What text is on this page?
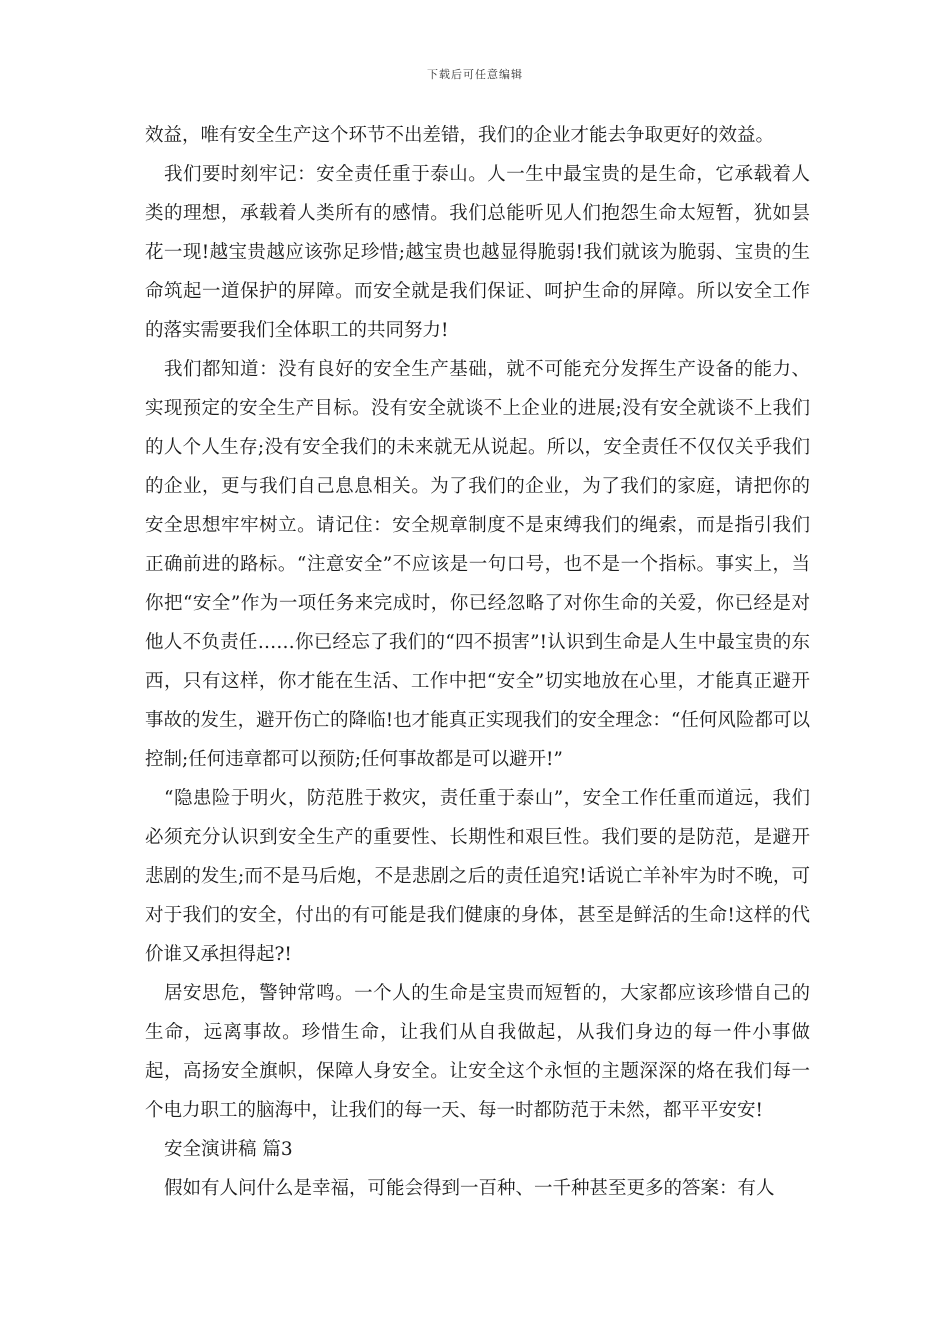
下载后可任意编辑

效益，唯有安全生产这个环节不出差错，我们的企业才能去争取更好的效益。

我们要时刻牢记：安全责任重于泰山。人一生中最宝贵的是生命，它承载着人类的理想，承载着人类所有的感情。我们总能听见人们抱怨生命太短暂，犹如昙花一现!越宝贵越应该弥足珍惜;越宝贵也越显得脆弱!我们就该为脆弱、宝贵的生命筑起一道保护的屏障。而安全就是我们保证、呵护生命的屏障。所以安全工作的落实需要我们全体职工的共同努力!

我们都知道：没有良好的安全生产基础，就不可能充分发挥生产设备的能力、实现预定的安全生产目标。没有安全就谈不上企业的进展;没有安全就谈不上我们的人个人生存;没有安全我们的未来就无从说起。所以，安全责任不仅仅关乎我们的企业，更与我们自己息息相关。为了我们的企业，为了我们的家庭，请把你的安全思想牢牢树立。请记住：安全规章制度不是束缚我们的绳索，而是指引我们正确前进的路标。“注意安全”不应该是一句口号，也不是一个指标。事实上，当你把“安全”作为一项任务来完成时，你已经忽略了对你生命的关爱，你已经是对他人不负责任……你已经忘了我们的“四不损害”!认识到生命是人生中最宝贵的东西，只有这样，你才能在生活、工作中把“安全”切实地放在心里，才能真正避开事故的发生，避开伤亡的降临!也才能真正实现我们的安全理念：“任何风险都可以控制;任何违章都可以预防;任何事故都是可以避开!”

“隐患险于明火，防范胜于救灾，责任重于泰山”，安全工作任重而道远，我们必须充分认识到安全生产的重要性、长期性和艰巨性。我们要的是防范，是避开悲剧的发生;而不是马后炮，不是悲剧之后的责任追究!话说亡羊补牢为时不晚，可对于我们的安全，付出的有可能是我们健康的身体，甚至是鲜活的生命!这样的代价谁又承担得起?!

居安思危，警钟常鸣。一个人的生命是宝贵而短暂的，大家都应该珍惜自己的生命，远离事故。珍惜生命，让我们从自我做起，从我们身边的每一件小事做起，高扬安全旗帜，保障人身安全。让安全这个永恒的主题深深的烙在我们每一个电力职工的脑海中，让我们的每一天、每一时都防范于未然，都平平安安!

安全演讲稿 篇3

假如有人问什么是幸福，可能会得到一百种、一千种甚至更多的答案：有人
